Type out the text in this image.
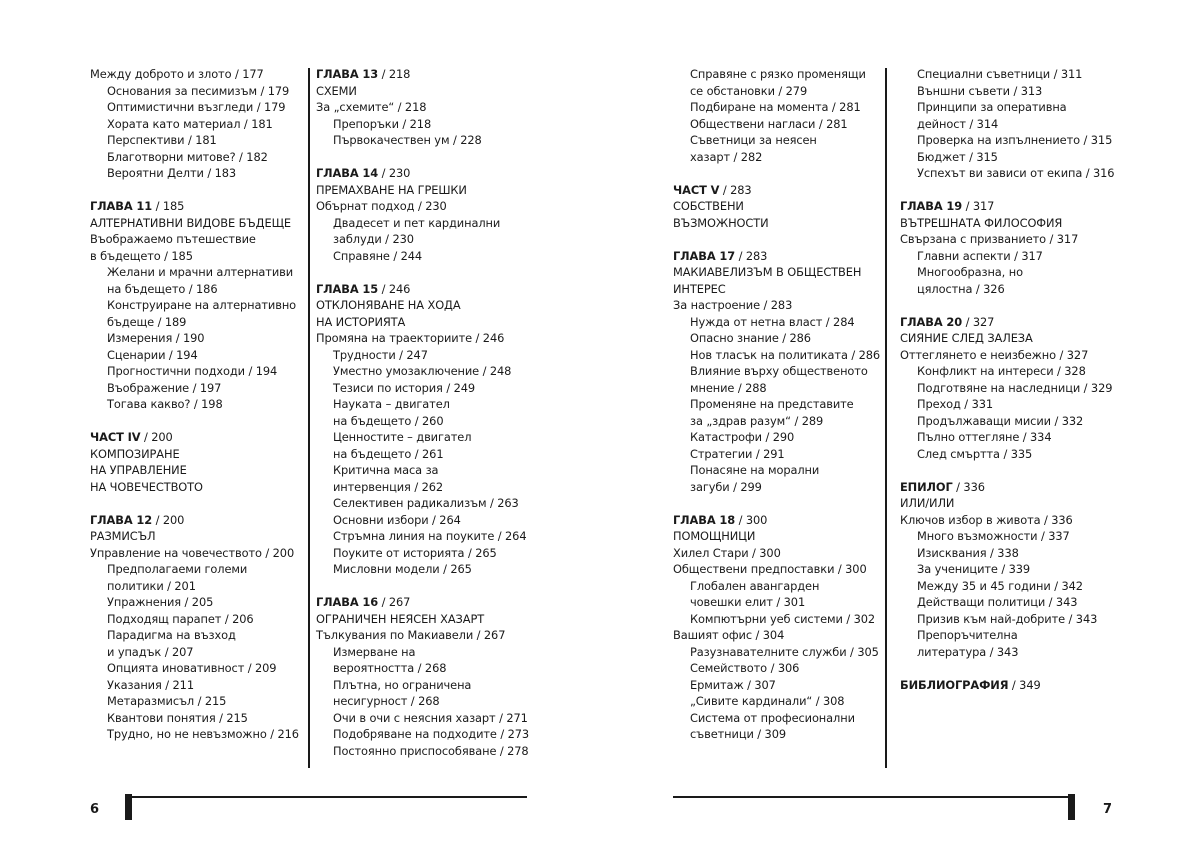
Между доброто и злото / 177
Основания за песимизъм / 179
Оптимистични възгледи / 179
Хората като материал / 181
Перспективи / 181
Благотворни митове? / 182
Вероятни Делти / 183
ГЛАВА 11 / 185
АЛТЕРНАТИВНИ ВИДОВЕ БЪДЕЩЕ
Въображаемо пътешествие
в бъдещето / 185
Желани и мрачни алтернативи
на бъдещето / 186
Конструиране на алтернативно
бъдеще / 189
Измерения / 190
Сценарии / 194
Прогностични подходи / 194
Въображение / 197
Тогава какво? / 198
ЧАСТ IV / 200
КОМПОЗИРАНЕ
НА УПРАВЛЕНИЕ
НА ЧОВЕЧЕСТВОТО
ГЛАВА 12 / 200
РАЗМИСЪЛ
Управление на човечеството / 200
Предполагаеми големи
политики / 201
Упражнения / 205
Подходящ парапет / 206
Парадигма на възход
и упадък / 207
Опцията иновативност / 209
Указания / 211
Метаразмисъл / 215
Квантови понятия / 215
Трудно, но не невъзможно / 216
ГЛАВА 13 / 218
СХЕМИ
За „схемите“ / 218
Препоръки / 218
Първокачествен ум / 228
ГЛАВА 14 / 230
ПРЕМАХВАНЕ НА ГРЕШКИ
Обърнат подход / 230
Двадесет и пет кардинални
заблуди / 230
Справяне / 244
ГЛАВА 15 / 246
ОТКЛОНЯВАНЕ НА ХОДА
НА ИСТОРИЯТА
Промяна на траекториите / 246
Трудности / 247
Уместно умозаключение / 248
Тезиси по история / 249
Науката – двигател
на бъдещето / 260
Ценностите – двигател
на бъдещето / 261
Критична маса за
интервенция / 262
Селективен радикализъм / 263
Основни избори / 264
Стръмна линия на поуките / 264
Поуките от историята / 265
Мисловни модели / 265
ГЛАВА 16 / 267
ОГРАНИЧЕН НЕЯСЕН ХАЗАРТ
Тълкувания по Макиавели / 267
Измерване на
вероятността / 268
Плътна, но ограничена
несигурност / 268
Очи в очи с неясния хазарт / 271
Подобряване на подходите / 273
Постоянно приспособяване / 278
Справяне с рязко променящи
се обстановки / 279
Подбиране на момента / 281
Обществени нагласи / 281
Съветници за неясен
хазарт / 282
ЧАСТ V / 283
СОБСТВЕНИ
ВЪЗМОЖНОСТИ
ГЛАВА 17 / 283
МАКИАВЕЛИЗЪМ В ОБЩЕСТВЕН
ИНТЕРЕС
За настроение / 283
Нужда от нетна власт / 284
Опасно знание / 286
Нов тласък на политиката / 286
Влияние върху общественото
мнение / 288
Променяне на представите
за „здрав разум“ / 289
Катастрофи / 290
Стратегии / 291
Понасяне на морални
загуби / 299
ГЛАВА 18 / 300
ПОМОЩНИЦИ
Хилел Стари / 300
Обществени предпоставки / 300
Глобален авангарден
човешки елит / 301
Компютърни уеб системи / 302
Вашият офис / 304
Разузнавателните служби / 305
Семейството / 306
Ермитаж / 307
„Сивите кардинали“ / 308
Система от професионални
съветници / 309
Специални съветници / 311
Външни съвети / 313
Принципи за оперативна
дейност / 314
Проверка на изпълнението / 315
Бюджет / 315
Успехът ви зависи от екипа / 316
ГЛАВА 19 / 317
ВЪТРЕШНАТА ФИЛОСОФИЯ
Свързана с призванието / 317
Главни аспекти / 317
Многообразна, но
цялостна / 326
ГЛАВА 20 / 327
СИЯНИЕ СЛЕД ЗАЛЕЗА
Оттеглянето е неизбежно / 327
Конфликт на интереси / 328
Подготвяне на наследници / 329
Преход / 331
Продължаващи мисии / 332
Пълно оттегляне / 334
След смъртта / 335
ЕПИЛОГ / 336
ИЛИ/ИЛИ
Ключов избор в живота / 336
Много възможности / 337
Изисквания / 338
За учениците / 339
Между 35 и 45 години / 342
Действащи политици / 343
Призив към най-добрите / 343
Препоръчителна
литература / 343
БИБЛИОГРАФИЯ / 349
6	7
